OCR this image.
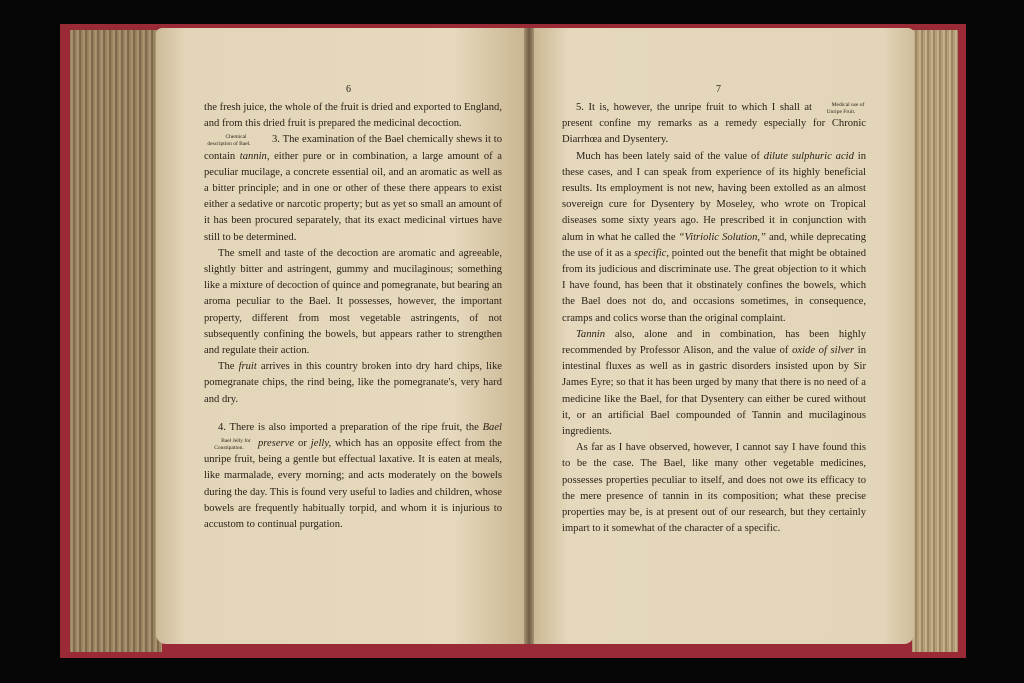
6

the fresh juice, the whole of the fruit is dried and exported to England, and from this dried fruit is prepared the medicinal decoction.

Chemical description of Bael.	3. The examination of the Bael chemically shews it to contain tannin, either pure or in combination, a large amount of a peculiar mucilage, a concrete essential oil, and an aromatic as well as a bitter principle; and in one or other of these there appears to exist either a sedative or narcotic property; but as yet so small an amount of it has been procured separately, that its exact medicinal virtues have still to be determined.

The smell and taste of the decoction are aromatic and agreeable, slightly bitter and astringent, gummy and mucilaginous; something like a mixture of decoction of quince and pomegranate, but bearing an aroma peculiar to the Bael. It possesses, however, the important property, different from most vegetable astringents, of not subsequently confining the bowels, but appears rather to strengthen and regulate their action.

The fruit arrives in this country broken into dry hard chips, like pomegranate chips, the rind being, like the pomegranate's, very hard and dry.

4. There is also imported a preparation of the ripe fruit, the
Bael Jelly for Constipation.
Bael preserve or jelly, which has an opposite effect from the unripe fruit, being a gentle but effectual laxative. It is eaten at meals, like marmalade, every morning; and acts moderately on the bowels during the day. This is found very useful to ladies and children, whose bowels are frequently habitually torpid, and whom it is injurious to accustom to continual purgation.

7

Medical use of Unripe Fruit.
5. It is, however, the unripe fruit to which I shall at present confine my remarks as a remedy especially for Chronic Diarrhœa and Dysentery.

Much has been lately said of the value of dilute sulphuric acid in these cases, and I can speak from experience of its highly beneficial results. Its employment is not new, having been extolled as an almost sovereign cure for Dysentery by Moseley, who wrote on Tropical diseases some sixty years ago. He prescribed it in conjunction with alum in what he called the “Vitriolic Solution,” and, while deprecating the use of it as a specific, pointed out the benefit that might be obtained from its judicious and discriminate use. The great objection to it which I have found, has been that it obstinately confines the bowels, which the Bael does not do, and occasions sometimes, in consequence, cramps and colics worse than the original complaint.

Tannin also, alone and in combination, has been highly recommended by Professor Alison, and the value of oxide of silver in intestinal fluxes as well as in gastric disorders insisted upon by Sir James Eyre; so that it has been urged by many that there is no need of a medicine like the Bael, for that Dysentery can either be cured without it, or an artificial Bael compounded of Tannin and mucilaginous ingredients.

As far as I have observed, however, I cannot say I have found this to be the case. The Bael, like many other vegetable medicines, possesses properties peculiar to itself, and does not owe its efficacy to the mere presence of tannin in its composition; what these precise properties may be, is at present out of our research, but they certainly impart to it somewhat of the character of a specific.
